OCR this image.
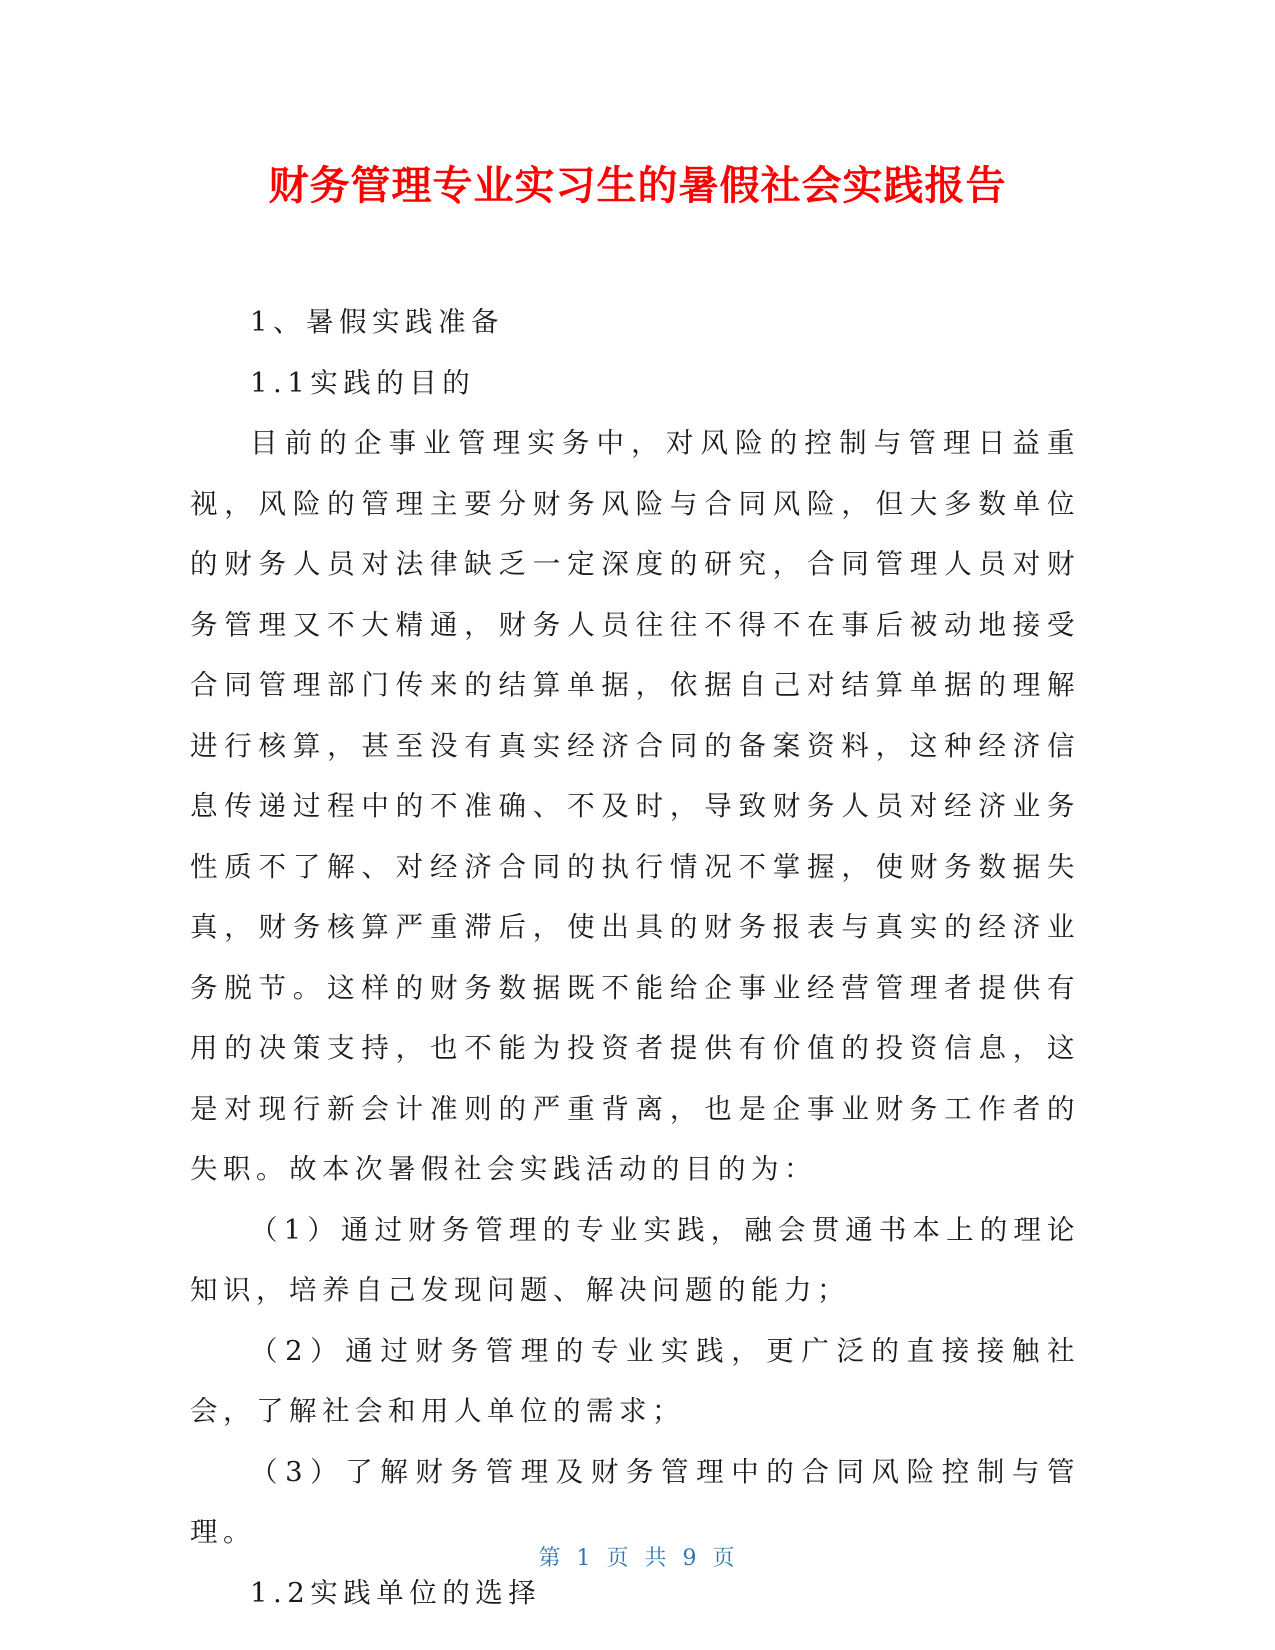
财务管理专业实习生的暑假社会实践报告

1、暑假实践准备

1.1实践的目的

目前的企事业管理实务中，对风险的控制与管理日益重视，风险的管理主要分财务风险与合同风险，但大多数单位的财务人员对法律缺乏一定深度的研究，合同管理人员对财务管理又不大精通，财务人员往往不得不在事后被动地接受合同管理部门传来的结算单据，依据自己对结算单据的理解进行核算，甚至没有真实经济合同的备案资料，这种经济信息传递过程中的不准确、不及时，导致财务人员对经济业务性质不了解、对经济合同的执行情况不掌握，使财务数据失真，财务核算严重滞后，使出具的财务报表与真实的经济业务脱节。这样的财务数据既不能给企事业经营管理者提供有用的决策支持，也不能为投资者提供有价值的投资信息，这是对现行新会计准则的严重背离，也是企事业财务工作者的失职。故本次暑假社会实践活动的目的为：

（1）通过财务管理的专业实践，融会贯通书本上的理论知识，培养自己发现问题、解决问题的能力；

（2）通过财务管理的专业实践，更广泛的直接接触社会，了解社会和用人单位的需求；

（3）了解财务管理及财务管理中的合同风险控制与管理。

1.2实践单位的选择

第 1 页 共 9 页
